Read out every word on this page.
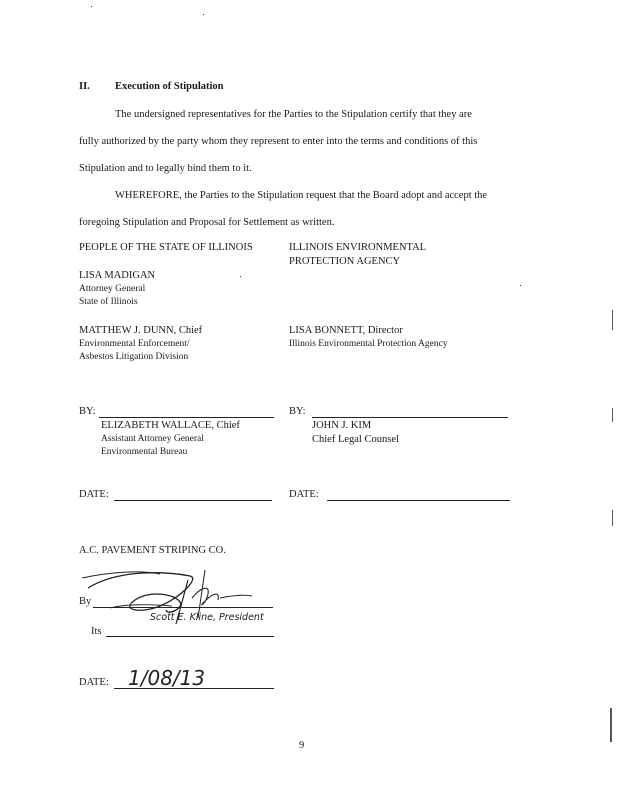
II. Execution of Stipulation
The undersigned representatives for the Parties to the Stipulation certify that they are
fully authorized by the party whom they represent to enter into the terms and conditions of this
Stipulation and to legally bind them to it.
WHEREFORE, the Parties to the Stipulation request that the Board adopt and accept the
foregoing Stipulation and Proposal for Settlement as written.
PEOPLE OF THE STATE OF ILLINOIS
LISA MADIGAN
Attorney General
State of Illinois
MATTHEW J. DUNN, Chief
Environmental Enforcement/
Asbestos Litigation Division
ILLINOIS ENVIRONMENTAL
PROTECTION AGENCY
LISA BONNETT, Director
Illinois Environmental Protection Agency
BY:
ELIZABETH WALLACE, Chief
Assistant Attorney General
Environmental Bureau
BY:
JOHN J. KIM
Chief Legal Counsel
DATE:	DATE:
A.C. PAVEMENT STRIPING CO.
By
Scott E. Kline, President
Its
DATE: 1/08/13
9
